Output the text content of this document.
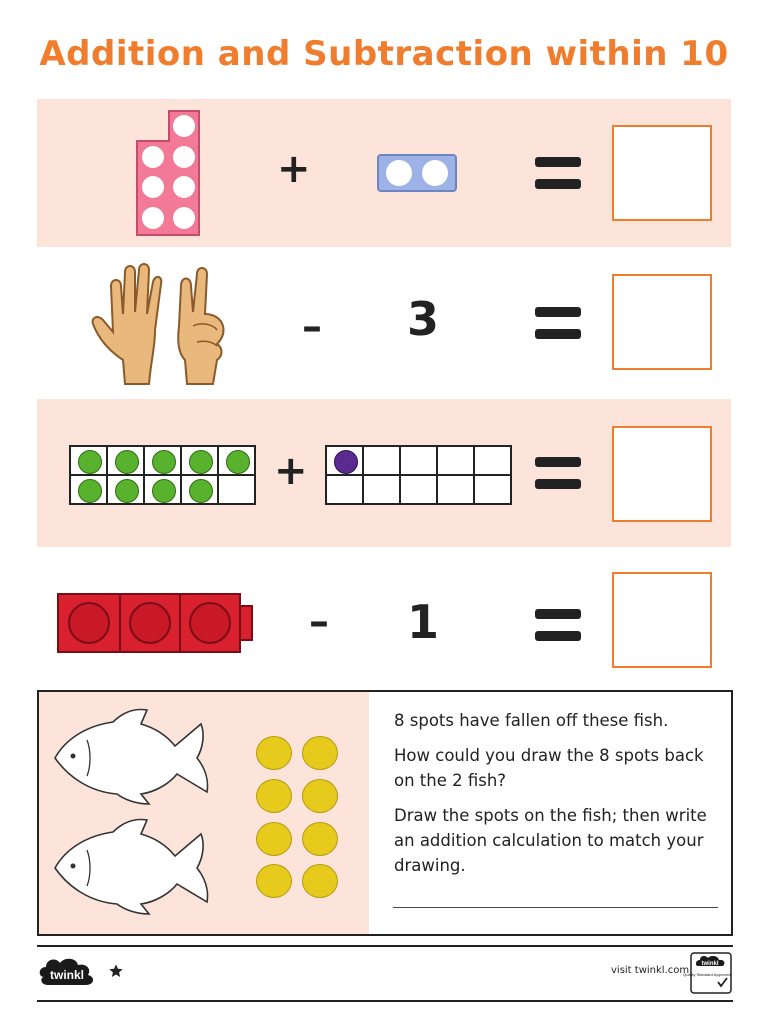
Addition and Subtraction within 10
+
– 3
+
– 1

8 spots have fallen off these fish.

How could you draw the 8 spots back on the 2 fish?

Draw the spots on the fish; then write an addition calculation to match your drawing.

twinkl	visit twinkl.com
twinkl
Quality Standard Approved
